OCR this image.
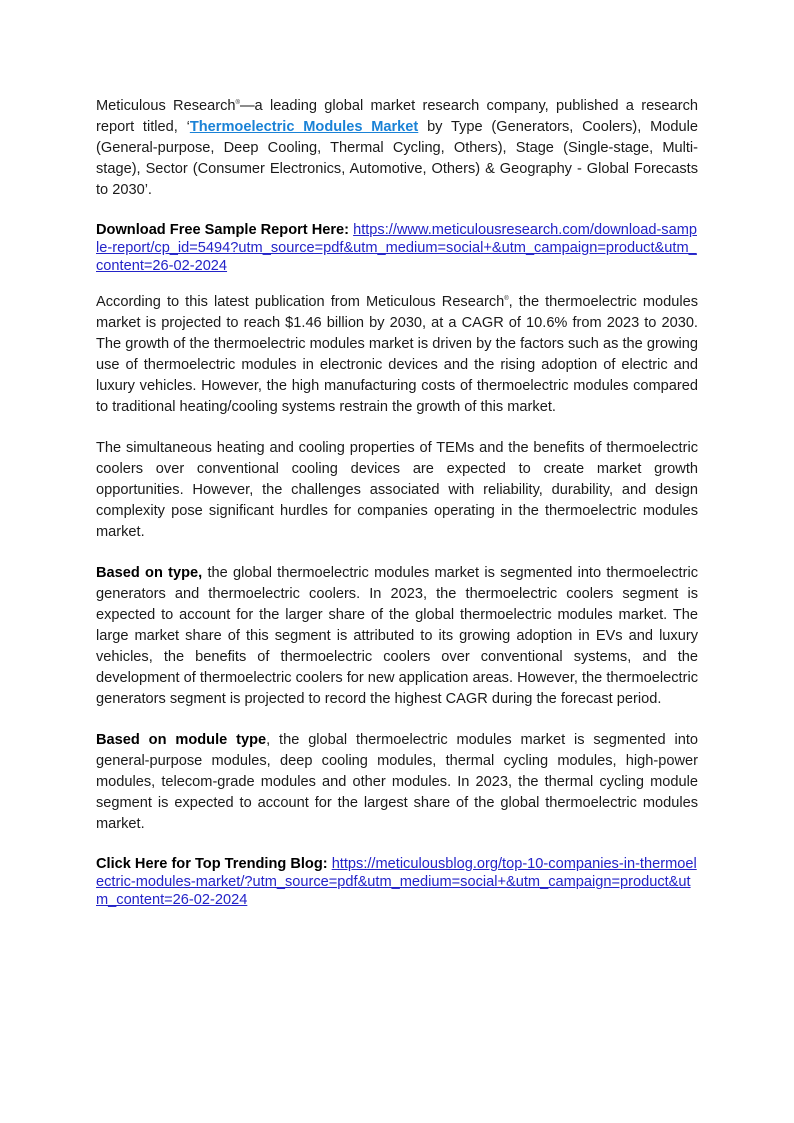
Meticulous Research®—a leading global market research company, published a research report titled, ‘Thermoelectric Modules Market by Type (Generators, Coolers), Module (General-purpose, Deep Cooling, Thermal Cycling, Others), Stage (Single-stage, Multi-stage), Sector (Consumer Electronics, Automotive, Others) & Geography - Global Forecasts to 2030’.

Download Free Sample Report Here: https://www.meticulousresearch.com/download-sample-report/cp_id=5494?utm_source=pdf&utm_medium=social+&utm_campaign=product&utm_content=26-02-2024

According to this latest publication from Meticulous Research®, the thermoelectric modules market is projected to reach $1.46 billion by 2030, at a CAGR of 10.6% from 2023 to 2030. The growth of the thermoelectric modules market is driven by the factors such as the growing use of thermoelectric modules in electronic devices and the rising adoption of electric and luxury vehicles. However, the high manufacturing costs of thermoelectric modules compared to traditional heating/cooling systems restrain the growth of this market.

The simultaneous heating and cooling properties of TEMs and the benefits of thermoelectric coolers over conventional cooling devices are expected to create market growth opportunities. However, the challenges associated with reliability, durability, and design complexity pose significant hurdles for companies operating in the thermoelectric modules market.

Based on type, the global thermoelectric modules market is segmented into thermoelectric generators and thermoelectric coolers. In 2023, the thermoelectric coolers segment is expected to account for the larger share of the global thermoelectric modules market. The large market share of this segment is attributed to its growing adoption in EVs and luxury vehicles, the benefits of thermoelectric coolers over conventional systems, and the development of thermoelectric coolers for new application areas. However, the thermoelectric generators segment is projected to record the highest CAGR during the forecast period.

Based on module type, the global thermoelectric modules market is segmented into general-purpose modules, deep cooling modules, thermal cycling modules, high-power modules, telecom-grade modules and other modules. In 2023, the thermal cycling module segment is expected to account for the largest share of the global thermoelectric modules market.

Click Here for Top Trending Blog: https://meticulousblog.org/top-10-companies-in-thermoelectric-modules-market/?utm_source=pdf&utm_medium=social+&utm_campaign=product&utm_content=26-02-2024
